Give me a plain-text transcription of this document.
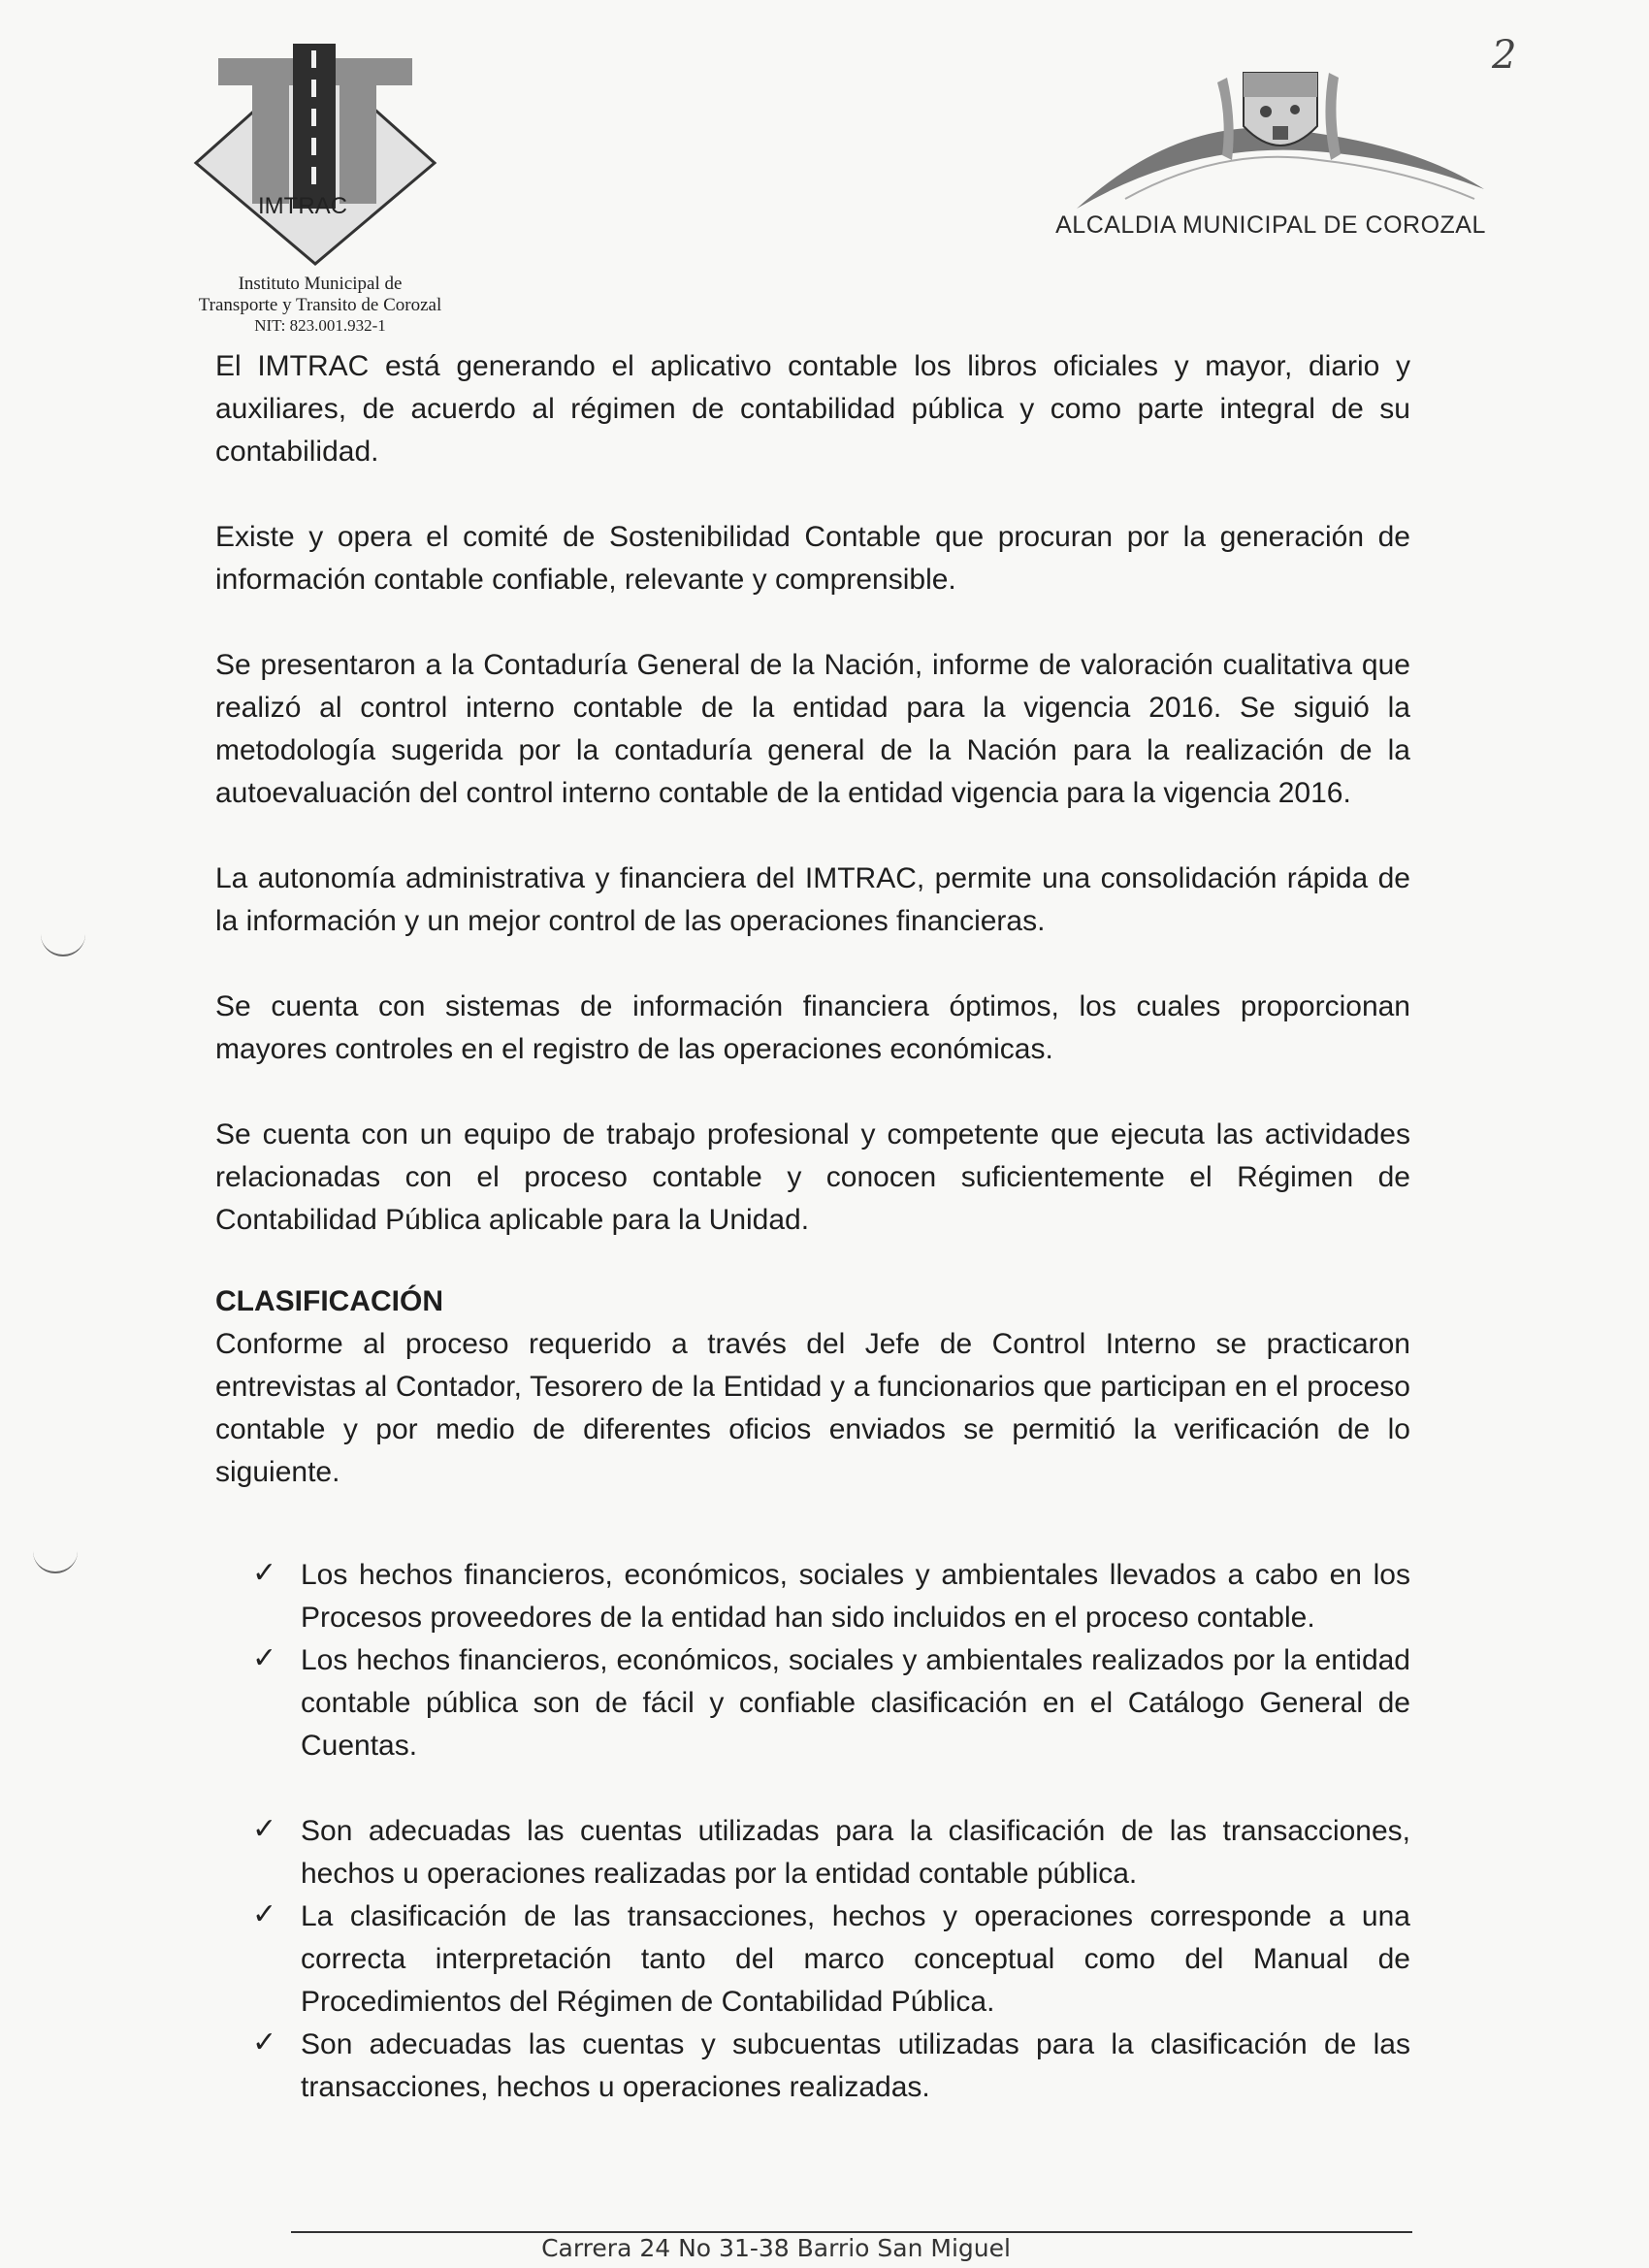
IMTRAC
Instituto Municipal de
Transporte y Transito de Corozal
NIT: 823.001.932-1
ALCALDIA MUNICIPAL DE COROZAL
2

El IMTRAC está generando el aplicativo contable los libros oficiales y mayor, diario y auxiliares, de acuerdo al régimen de contabilidad pública y como parte integral de su contabilidad.

Existe y opera el comité de Sostenibilidad Contable que procuran por la generación de información contable confiable, relevante y comprensible.

Se presentaron a la Contaduría General de la Nación, informe de valoración cualitativa que realizó al control interno contable de la entidad para la vigencia 2016. Se siguió la metodología sugerida por la contaduría general de la Nación para la realización de la autoevaluación del control interno contable de la entidad vigencia para la vigencia 2016.

La autonomía administrativa y financiera del IMTRAC, permite una consolidación rápida de la información y un mejor control de las operaciones financieras.

Se cuenta con sistemas de información financiera óptimos, los cuales proporcionan mayores controles en el registro de las operaciones económicas.

Se cuenta con un equipo de trabajo profesional y competente que ejecuta las actividades relacionadas con el proceso contable y conocen suficientemente el Régimen de Contabilidad Pública aplicable para la Unidad.

CLASIFICACIÓN

Conforme al proceso requerido a través del Jefe de Control Interno se practicaron entrevistas al Contador, Tesorero de la Entidad y a funcionarios que participan en el proceso contable y por medio de diferentes oficios enviados se permitió la verificación de lo siguiente.

✓ Los hechos financieros, económicos, sociales y ambientales llevados a cabo en los Procesos proveedores de la entidad han sido incluidos en el proceso contable.
✓ Los hechos financieros, económicos, sociales y ambientales realizados por la entidad contable pública son de fácil y confiable clasificación en el Catálogo General de Cuentas.
✓ Son adecuadas las cuentas utilizadas para la clasificación de las transacciones, hechos u operaciones realizadas por la entidad contable pública.
✓ La clasificación de las transacciones, hechos y operaciones corresponde a una correcta interpretación tanto del marco conceptual como del Manual de Procedimientos del Régimen de Contabilidad Pública.
✓ Son adecuadas las cuentas y subcuentas utilizadas para la clasificación de las transacciones, hechos u operaciones realizadas.
Carrera 24 No 31-38 Barrio San Miguel
